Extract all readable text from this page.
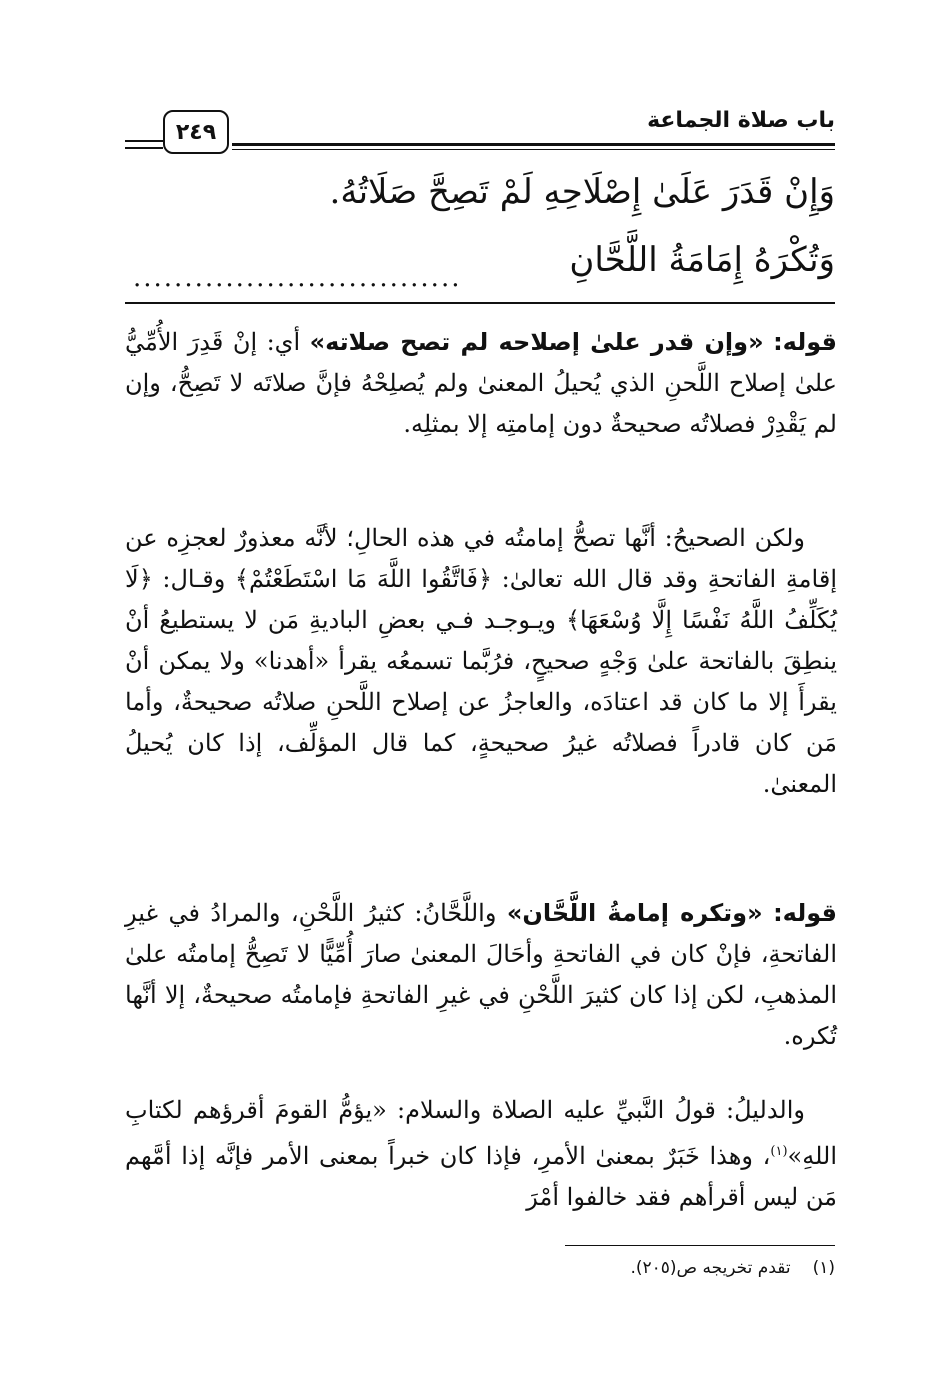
باب صلاة الجماعة
٢٤٩
وَإِنْ قَدَرَ عَلَىٰ إِصْلَاحِهِ لَمْ تَصِحَّ صَلَاتُهُ.
وَتُكْرَهُ إِمَامَةُ اللَّحَّانِ
................................
قوله: «وإن قدر علىٰ إصلاحه لم تصح صلاته» أي: إنْ قَدِرَ الأُمِّيُّ علىٰ إصلاح اللَّحنِ الذي يُحيلُ المعنىٰ ولم يُصلِحْهُ فإنَّ صلاتَه لا تَصِحُّ، وإن لم يَقْدِرْ فصلاتُه صحيحةٌ دون إمامتِه إلا بمثلِه.
ولكن الصحيحُ: أنَّها تصحُّ إمامتُه في هذه الحالِ؛ لأنَّه معذورٌ لعجزِه عن إقامةِ الفاتحةِ وقد قال الله تعالىٰ: ﴿فَاتَّقُوا اللَّهَ مَا اسْتَطَعْتُمْ﴾ وقـال: ﴿لَا يُكَلِّفُ اللَّهُ نَفْسًا إِلَّا وُسْعَهَا﴾ ويـوجـد فـي بعضِ الباديةِ مَن لا يستطيعُ أنْ ينطِقَ بالفاتحة علىٰ وَجْهٍ صحيحٍ، فرُبَّما تسمعُه يقرأ «أهدنا» ولا يمكن أنْ يقرأَ إلا ما كان قد اعتادَه، والعاجزُ عن إصلاح اللَّحنِ صلاتُه صحيحةٌ، وأما مَن كان قادراً فصلاتُه غيرُ صحيحةٍ، كما قال المؤلِّف، إذا كان يُحيلُ المعنىٰ.
قوله: «وتكره إمامةُ اللَّحَّان» واللَّحَّانُ: كثيرُ اللَّحْنِ، والمرادُ في غيرِ الفاتحةِ، فإنْ كان في الفاتحةِ وأحَالَ المعنىٰ صارَ أُمِّيًّا لا تَصِحُّ إمامتُه علىٰ المذهبِ، لكن إذا كان كثيرَ اللَّحْنِ في غيرِ الفاتحةِ فإمامتُه صحيحةٌ، إلا أنَّها تُكره.
والدليلُ: قولُ النَّبيِّ عليه الصلاة والسلام: «يؤمُّ القومَ أقرؤهم لكتابِ اللهِ»$^{(١)}$، وهذا خَبَرٌ بمعنىٰ الأمرِ، فإذا كان خبراً بمعنى الأمر فإنَّه إذا أمَّهم مَن ليس أقرأهم فقد خالفوا أمْرَ
(١)تقدم تخريجه ص(٢٠٥).
